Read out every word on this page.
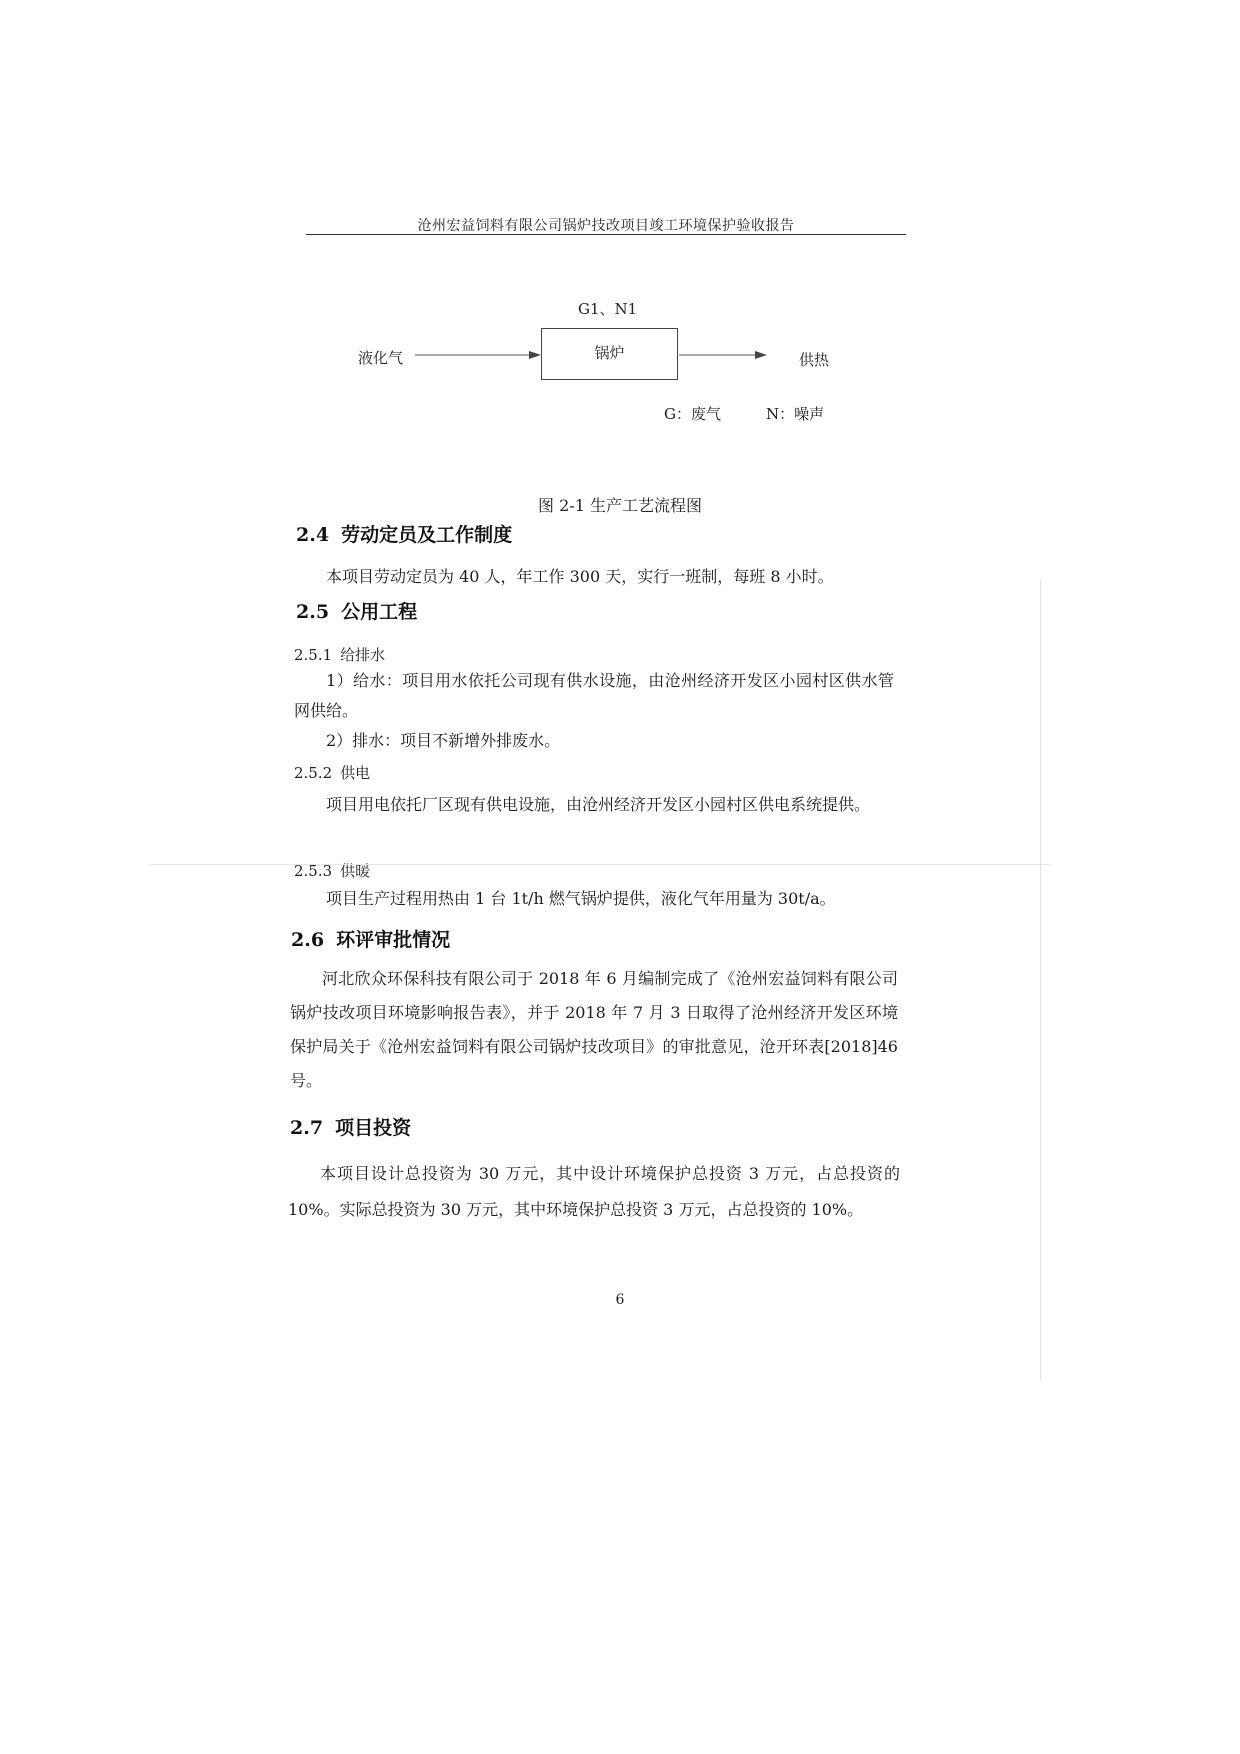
沧州宏益饲料有限公司锅炉技改项目竣工环境保护验收报告
G1、N1
液化气	锅炉	供热
G：废气	N：噪声
图 2-1 生产工艺流程图
2.4 劳动定员及工作制度
本项目劳动定员为 40 人，年工作 300 天，实行一班制，每班 8 小时。
2.5 公用工程
2.5.1 给排水
1）给水：项目用水依托公司现有供水设施，由沧州经济开发区小园村区供水管网供给。
2）排水：项目不新增外排废水。
2.5.2 供电
项目用电依托厂区现有供电设施，由沧州经济开发区小园村区供电系统提供。
2.5.3 供暖
项目生产过程用热由 1 台 1t/h 燃气锅炉提供，液化气年用量为 30t/a。
2.6 环评审批情况
河北欣众环保科技有限公司于 2018 年 6 月编制完成了《沧州宏益饲料有限公司锅炉技改项目环境影响报告表》，并于 2018 年 7 月 3 日取得了沧州经济开发区环境保护局关于《沧州宏益饲料有限公司锅炉技改项目》的审批意见，沧开环表[2018]46 号。
2.7 项目投资
本项目设计总投资为 30 万元，其中设计环境保护总投资 3 万元，占总投资的 10%。实际总投资为 30 万元，其中环境保护总投资 3 万元，占总投资的 10%。
6
